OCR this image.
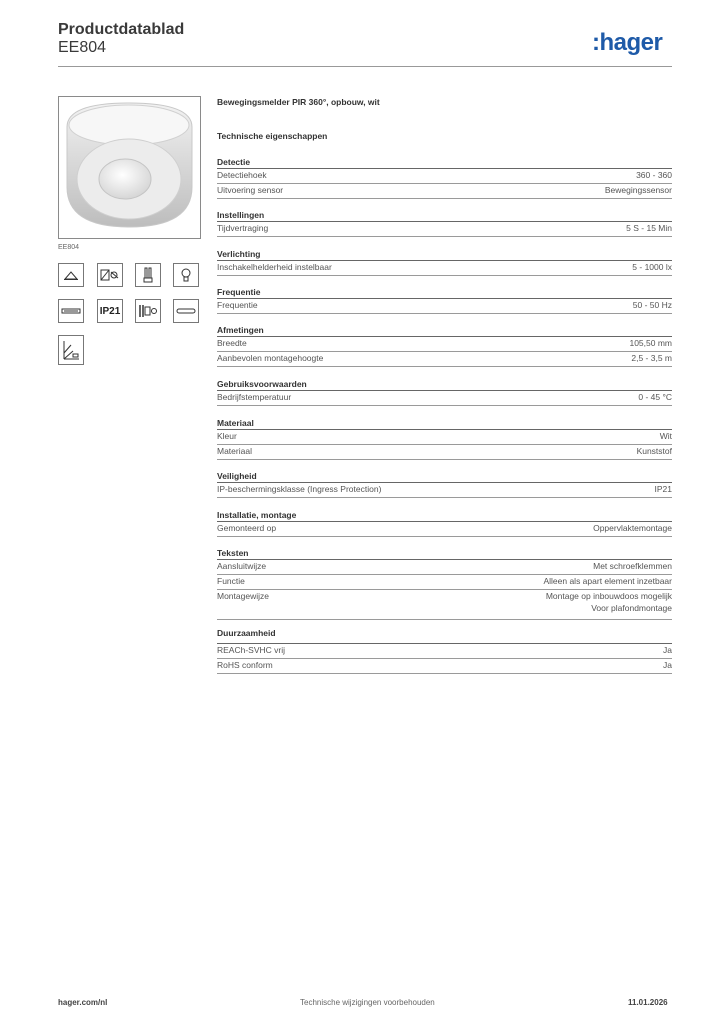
Productdatablad
EE804	:hager
EE804
IP21
Bewegingsmelder PIR 360°, opbouw, wit
Technische eigenschappen
Detectie
Detectiehoek	360 - 360
Uitvoering sensor	Bewegingssensor
Instellingen
Tijdvertraging	5 S - 15 Min
Verlichting
Inschakelhelderheid instelbaar	5 - 1000 lx
Frequentie
Frequentie	50 - 50 Hz
Afmetingen
Breedte	105,50 mm
Aanbevolen montagehoogte	2,5 - 3,5 m
Gebruiksvoorwaarden
Bedrijfstemperatuur	0 - 45 °C
Materiaal
Kleur	Wit
Materiaal	Kunststof
Veiligheid
IP-beschermingsklasse (Ingress Protection)	IP21
Installatie, montage
Gemonteerd op	Oppervlaktemontage
Teksten
Aansluitwijze	Met schroefklemmen
Functie	Alleen als apart element inzetbaar
Montagewijze	Montage op inbouwdoos mogelijk
Voor plafondmontage
Duurzaamheid
REACh-SVHC vrij	Ja
RoHS conform	Ja
hager.com/nl	Technische wijzigingen voorbehouden	11.01.2026
